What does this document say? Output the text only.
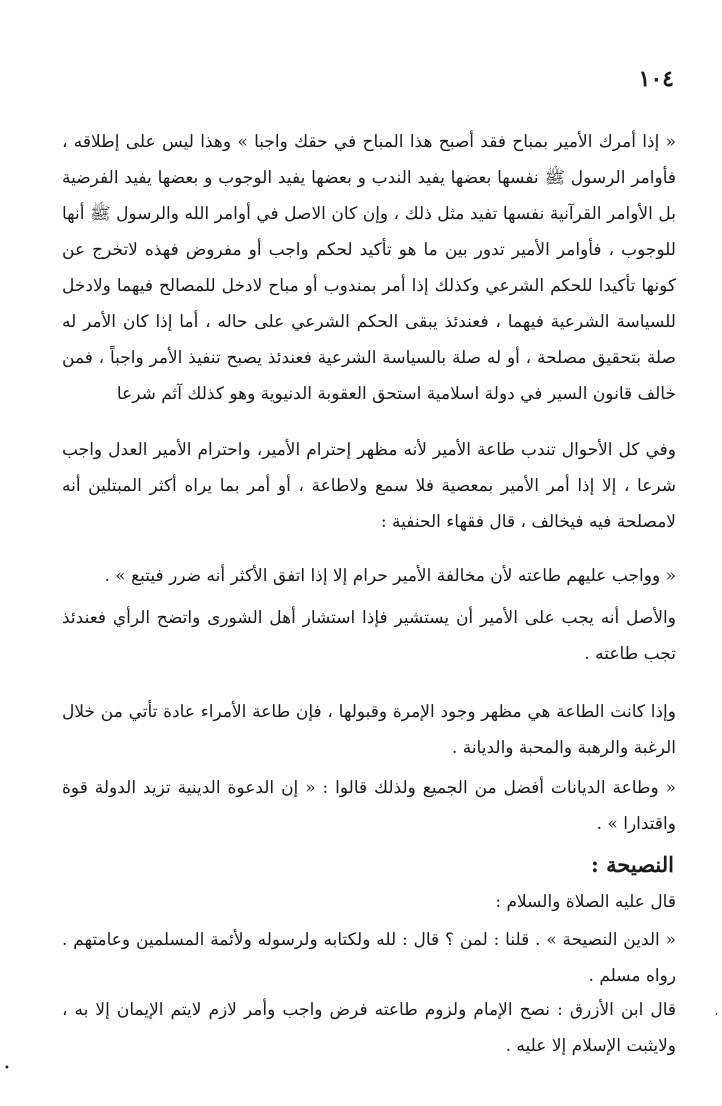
١٠٤
« إذا أمرك الأمير بمباح فقد أصبح هذا المباح في حقك واجبا » وهذا ليس على إطلاقه ، فأوامر الرسول ﷺ نفسها بعضها يفيد الندب و بعضها يفيد الوجوب و بعضها يفيد الفرضية بل الأوامر القرآنية نفسها تفيد مثل ذلك ، وإن كان الاصل في أوامر الله والرسول ﷺ أنها للوجوب ، فأوامر الأمير تدور بين ما هو تأكيد لحكم واجب أو مفروض فهذه لاتخرج عن كونها تأكيدا للحكم الشرعي وكذلك إذا أمر بمندوب أو مباح لادخل للمصالح فيهما ولادخل للسياسة الشرعية فيهما ، فعندئذ يبقى الحكم الشرعي على حاله ، أما إذا كان الأمر له صلة بتحقيق مصلحة ، أو له صلة بالسياسة الشرعية فعندئذ يصبح تنفيذ الأمر واجباً ، فمن خالف قانون السير في دولة اسلامية استحق العقوبة الدنيوية وهو كذلك آثم شرعا
وفي كل الأحوال تندب طاعة الأمير لأنه مظهر إحترام الأمير، واحترام الأمير العدل واجب شرعا ، إلا إذا أمر الأمير بمعصية فلا سمع ولاطاعة ، أو أمر بما يراه أكثر المبتلين أنه لامصلحة فيه فيخالف ، قال فقهاء الحنفية :
« وواجب عليهم طاعته لأن مخالفة الأمير حرام إلا إذا اتفق الأكثر أنه ضرر فيتبع » .
والأصل أنه يجب على الأمير أن يستشير فإذا استشار أهل الشورى واتضح الرأي فعندئذ تجب طاعته .
وإذا كانت الطاعة هي مظهر وجود الإمرة وقبولها ، فإن طاعة الأمراء عادة تأتي من خلال الرغبة والرهبة والمحبة والديانة .
« وطاعة الديانات أفضل من الجميع ولذلك قالوا : « إن الدعوة الدينية تزيد الدولة قوة واقتدارا » .
النصيحة :
قال عليه الصلاة والسلام :
« الدين النصيحة » . قلنا : لمن ؟ قال : لله ولكتابه ولرسوله ولأئمة المسلمين وعامتهم . رواه مسلم .
قال ابن الأزرق : نصح الإمام ولزوم طاعته فرض واجب وأمر لازم لايتم الإيمان إلا به ، ولايثبت الإسلام إلا عليه .
،
•
